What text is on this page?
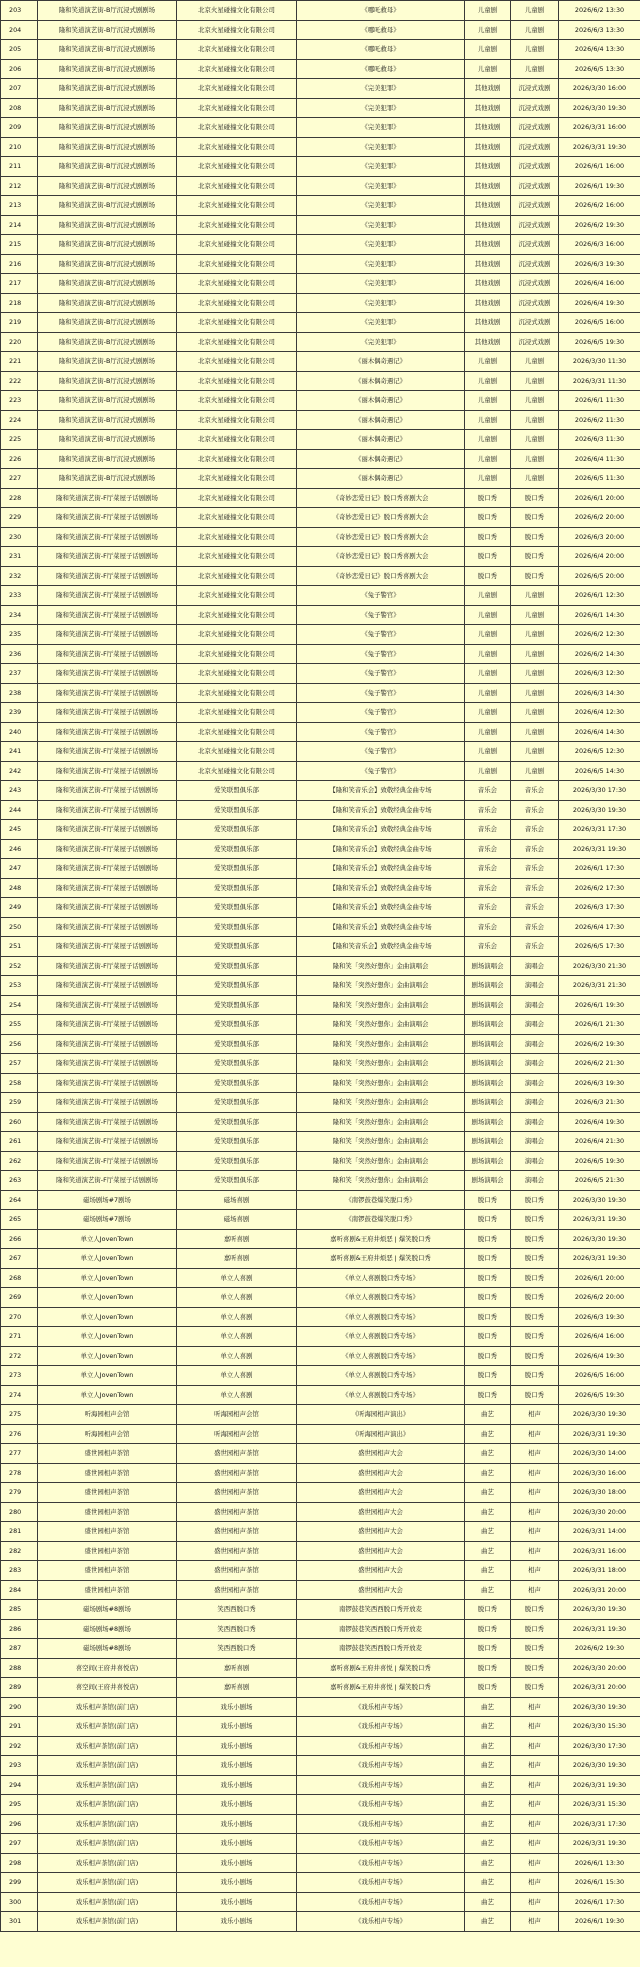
203	隆和笑道演艺街-B厅沉浸式剧剧场	北京火星碰撞文化有限公司	《哪吒救母》	儿童剧	儿童剧	2026/6/2 13:30
204	隆和笑道演艺街-B厅沉浸式剧剧场	北京火星碰撞文化有限公司	《哪吒救母》	儿童剧	儿童剧	2026/6/3 13:30
205	隆和笑道演艺街-B厅沉浸式剧剧场	北京火星碰撞文化有限公司	《哪吒救母》	儿童剧	儿童剧	2026/6/4 13:30
206	隆和笑道演艺街-B厅沉浸式剧剧场	北京火星碰撞文化有限公司	《哪吒救母》	儿童剧	儿童剧	2026/6/5 13:30
207	隆和笑道演艺街-B厅沉浸式剧剧场	北京火星碰撞文化有限公司	《完美犯罪》	其他戏剧	沉浸式戏剧	2026/3/30 16:00
208	隆和笑道演艺街-B厅沉浸式剧剧场	北京火星碰撞文化有限公司	《完美犯罪》	其他戏剧	沉浸式戏剧	2026/3/30 19:30
209	隆和笑道演艺街-B厅沉浸式剧剧场	北京火星碰撞文化有限公司	《完美犯罪》	其他戏剧	沉浸式戏剧	2026/3/31 16:00
210	隆和笑道演艺街-B厅沉浸式剧剧场	北京火星碰撞文化有限公司	《完美犯罪》	其他戏剧	沉浸式戏剧	2026/3/31 19:30
211	隆和笑道演艺街-B厅沉浸式剧剧场	北京火星碰撞文化有限公司	《完美犯罪》	其他戏剧	沉浸式戏剧	2026/6/1 16:00
212	隆和笑道演艺街-B厅沉浸式剧剧场	北京火星碰撞文化有限公司	《完美犯罪》	其他戏剧	沉浸式戏剧	2026/6/1 19:30
213	隆和笑道演艺街-B厅沉浸式剧剧场	北京火星碰撞文化有限公司	《完美犯罪》	其他戏剧	沉浸式戏剧	2026/6/2 16:00
214	隆和笑道演艺街-B厅沉浸式剧剧场	北京火星碰撞文化有限公司	《完美犯罪》	其他戏剧	沉浸式戏剧	2026/6/2 19:30
215	隆和笑道演艺街-B厅沉浸式剧剧场	北京火星碰撞文化有限公司	《完美犯罪》	其他戏剧	沉浸式戏剧	2026/6/3 16:00
216	隆和笑道演艺街-B厅沉浸式剧剧场	北京火星碰撞文化有限公司	《完美犯罪》	其他戏剧	沉浸式戏剧	2026/6/3 19:30
217	隆和笑道演艺街-B厅沉浸式剧剧场	北京火星碰撞文化有限公司	《完美犯罪》	其他戏剧	沉浸式戏剧	2026/6/4 16:00
218	隆和笑道演艺街-B厅沉浸式剧剧场	北京火星碰撞文化有限公司	《完美犯罪》	其他戏剧	沉浸式戏剧	2026/6/4 19:30
219	隆和笑道演艺街-B厅沉浸式剧剧场	北京火星碰撞文化有限公司	《完美犯罪》	其他戏剧	沉浸式戏剧	2026/6/5 16:00
220	隆和笑道演艺街-B厅沉浸式剧剧场	北京火星碰撞文化有限公司	《完美犯罪》	其他戏剧	沉浸式戏剧	2026/6/5 19:30
221	隆和笑道演艺街-B厅沉浸式剧剧场	北京火星碰撞文化有限公司	《丽木偶奇遇记》	儿童剧	儿童剧	2026/3/30 11:30
222	隆和笑道演艺街-B厅沉浸式剧剧场	北京火星碰撞文化有限公司	《丽木偶奇遇记》	儿童剧	儿童剧	2026/3/31 11:30
223	隆和笑道演艺街-B厅沉浸式剧剧场	北京火星碰撞文化有限公司	《丽木偶奇遇记》	儿童剧	儿童剧	2026/6/1 11:30
224	隆和笑道演艺街-B厅沉浸式剧剧场	北京火星碰撞文化有限公司	《丽木偶奇遇记》	儿童剧	儿童剧	2026/6/2 11:30
225	隆和笑道演艺街-B厅沉浸式剧剧场	北京火星碰撞文化有限公司	《丽木偶奇遇记》	儿童剧	儿童剧	2026/6/3 11:30
226	隆和笑道演艺街-B厅沉浸式剧剧场	北京火星碰撞文化有限公司	《丽木偶奇遇记》	儿童剧	儿童剧	2026/6/4 11:30
227	隆和笑道演艺街-B厅沉浸式剧剧场	北京火星碰撞文化有限公司	《丽木偶奇遇记》	儿童剧	儿童剧	2026/6/5 11:30
228	隆和笑道演艺街-F厅菜屋子话剧剧场	北京火星碰撞文化有限公司	《奇妙恋爱日记》脱口秀喜剧大会	脱口秀	脱口秀	2026/6/1 20:00
229	隆和笑道演艺街-F厅菜屋子话剧剧场	北京火星碰撞文化有限公司	《奇妙恋爱日记》脱口秀喜剧大会	脱口秀	脱口秀	2026/6/2 20:00
230	隆和笑道演艺街-F厅菜屋子话剧剧场	北京火星碰撞文化有限公司	《奇妙恋爱日记》脱口秀喜剧大会	脱口秀	脱口秀	2026/6/3 20:00
231	隆和笑道演艺街-F厅菜屋子话剧剧场	北京火星碰撞文化有限公司	《奇妙恋爱日记》脱口秀喜剧大会	脱口秀	脱口秀	2026/6/4 20:00
232	隆和笑道演艺街-F厅菜屋子话剧剧场	北京火星碰撞文化有限公司	《奇妙恋爱日记》脱口秀喜剧大会	脱口秀	脱口秀	2026/6/5 20:00
233	隆和笑道演艺街-F厅菜屋子话剧剧场	北京火星碰撞文化有限公司	《兔子警官》	儿童剧	儿童剧	2026/6/1 12:30
234	隆和笑道演艺街-F厅菜屋子话剧剧场	北京火星碰撞文化有限公司	《兔子警官》	儿童剧	儿童剧	2026/6/1 14:30
235	隆和笑道演艺街-F厅菜屋子话剧剧场	北京火星碰撞文化有限公司	《兔子警官》	儿童剧	儿童剧	2026/6/2 12:30
236	隆和笑道演艺街-F厅菜屋子话剧剧场	北京火星碰撞文化有限公司	《兔子警官》	儿童剧	儿童剧	2026/6/2 14:30
237	隆和笑道演艺街-F厅菜屋子话剧剧场	北京火星碰撞文化有限公司	《兔子警官》	儿童剧	儿童剧	2026/6/3 12:30
238	隆和笑道演艺街-F厅菜屋子话剧剧场	北京火星碰撞文化有限公司	《兔子警官》	儿童剧	儿童剧	2026/6/3 14:30
239	隆和笑道演艺街-F厅菜屋子话剧剧场	北京火星碰撞文化有限公司	《兔子警官》	儿童剧	儿童剧	2026/6/4 12:30
240	隆和笑道演艺街-F厅菜屋子话剧剧场	北京火星碰撞文化有限公司	《兔子警官》	儿童剧	儿童剧	2026/6/4 14:30
241	隆和笑道演艺街-F厅菜屋子话剧剧场	北京火星碰撞文化有限公司	《兔子警官》	儿童剧	儿童剧	2026/6/5 12:30
242	隆和笑道演艺街-F厅菜屋子话剧剧场	北京火星碰撞文化有限公司	《兔子警官》	儿童剧	儿童剧	2026/6/5 14:30
243	隆和笑道演艺街-F厅菜屋子话剧剧场	爱笑联盟俱乐部	【隆和笑音乐会】致敬经典金曲专场	音乐会	音乐会	2026/3/30 17:30
244	隆和笑道演艺街-F厅菜屋子话剧剧场	爱笑联盟俱乐部	【隆和笑音乐会】致敬经典金曲专场	音乐会	音乐会	2026/3/30 19:30
245	隆和笑道演艺街-F厅菜屋子话剧剧场	爱笑联盟俱乐部	【隆和笑音乐会】致敬经典金曲专场	音乐会	音乐会	2026/3/31 17:30
246	隆和笑道演艺街-F厅菜屋子话剧剧场	爱笑联盟俱乐部	【隆和笑音乐会】致敬经典金曲专场	音乐会	音乐会	2026/3/31 19:30
247	隆和笑道演艺街-F厅菜屋子话剧剧场	爱笑联盟俱乐部	【隆和笑音乐会】致敬经典金曲专场	音乐会	音乐会	2026/6/1 17:30
248	隆和笑道演艺街-F厅菜屋子话剧剧场	爱笑联盟俱乐部	【隆和笑音乐会】致敬经典金曲专场	音乐会	音乐会	2026/6/2 17:30
249	隆和笑道演艺街-F厅菜屋子话剧剧场	爱笑联盟俱乐部	【隆和笑音乐会】致敬经典金曲专场	音乐会	音乐会	2026/6/3 17:30
250	隆和笑道演艺街-F厅菜屋子话剧剧场	爱笑联盟俱乐部	【隆和笑音乐会】致敬经典金曲专场	音乐会	音乐会	2026/6/4 17:30
251	隆和笑道演艺街-F厅菜屋子话剧剧场	爱笑联盟俱乐部	【隆和笑音乐会】致敬经典金曲专场	音乐会	音乐会	2026/6/5 17:30
252	隆和笑道演艺街-F厅菜屋子话剧剧场	爱笑联盟俱乐部	隆和笑「突然好想你」金曲演唱会	剧场演唱会	演唱会	2026/3/30 21:30
253	隆和笑道演艺街-F厅菜屋子话剧剧场	爱笑联盟俱乐部	隆和笑「突然好想你」金曲演唱会	剧场演唱会	演唱会	2026/3/31 21:30
254	隆和笑道演艺街-F厅菜屋子话剧剧场	爱笑联盟俱乐部	隆和笑「突然好想你」金曲演唱会	剧场演唱会	演唱会	2026/6/1 19:30
255	隆和笑道演艺街-F厅菜屋子话剧剧场	爱笑联盟俱乐部	隆和笑「突然好想你」金曲演唱会	剧场演唱会	演唱会	2026/6/1 21:30
256	隆和笑道演艺街-F厅菜屋子话剧剧场	爱笑联盟俱乐部	隆和笑「突然好想你」金曲演唱会	剧场演唱会	演唱会	2026/6/2 19:30
257	隆和笑道演艺街-F厅菜屋子话剧剧场	爱笑联盟俱乐部	隆和笑「突然好想你」金曲演唱会	剧场演唱会	演唱会	2026/6/2 21:30
258	隆和笑道演艺街-F厅菜屋子话剧剧场	爱笑联盟俱乐部	隆和笑「突然好想你」金曲演唱会	剧场演唱会	演唱会	2026/6/3 19:30
259	隆和笑道演艺街-F厅菜屋子话剧剧场	爱笑联盟俱乐部	隆和笑「突然好想你」金曲演唱会	剧场演唱会	演唱会	2026/6/3 21:30
260	隆和笑道演艺街-F厅菜屋子话剧剧场	爱笑联盟俱乐部	隆和笑「突然好想你」金曲演唱会	剧场演唱会	演唱会	2026/6/4 19:30
261	隆和笑道演艺街-F厅菜屋子话剧剧场	爱笑联盟俱乐部	隆和笑「突然好想你」金曲演唱会	剧场演唱会	演唱会	2026/6/4 21:30
262	隆和笑道演艺街-F厅菜屋子话剧剧场	爱笑联盟俱乐部	隆和笑「突然好想你」金曲演唱会	剧场演唱会	演唱会	2026/6/5 19:30
263	隆和笑道演艺街-F厅菜屋子话剧剧场	爱笑联盟俱乐部	隆和笑「突然好想你」金曲演唱会	剧场演唱会	演唱会	2026/6/5 21:30
264	磁场剧场#7剧场	磁场喜剧	《南锣鼓巷爆笑脱口秀》	脱口秀	脱口秀	2026/3/30 19:30
265	磁场剧场#7剧场	磁场喜剧	《南锣鼓巷爆笑脱口秀》	脱口秀	脱口秀	2026/3/31 19:30
266	单立人JovenTown	嘉听喜剧	嘉听喜剧&王府井烦恶 | 爆笑脱口秀	脱口秀	脱口秀	2026/3/30 19:30
267	单立人JovenTown	嘉听喜剧	嘉听喜剧&王府井烦恶 | 爆笑脱口秀	脱口秀	脱口秀	2026/3/31 19:30
268	单立人JovenTown	单立人喜剧	《单立人喜剧脱口秀专场》	脱口秀	脱口秀	2026/6/1 20:00
269	单立人JovenTown	单立人喜剧	《单立人喜剧脱口秀专场》	脱口秀	脱口秀	2026/6/2 20:00
270	单立人JovenTown	单立人喜剧	《单立人喜剧脱口秀专场》	脱口秀	脱口秀	2026/6/3 19:30
271	单立人JovenTown	单立人喜剧	《单立人喜剧脱口秀专场》	脱口秀	脱口秀	2026/6/4 16:00
272	单立人JovenTown	单立人喜剧	《单立人喜剧脱口秀专场》	脱口秀	脱口秀	2026/6/4 19:30
273	单立人JovenTown	单立人喜剧	《单立人喜剧脱口秀专场》	脱口秀	脱口秀	2026/6/5 16:00
274	单立人JovenTown	单立人喜剧	《单立人喜剧脱口秀专场》	脱口秀	脱口秀	2026/6/5 19:30
275	听海园相声会馆	听海园相声会馆	《听海园相声演出》	曲艺	相声	2026/3/30 19:30
276	听海园相声会馆	听海园相声会馆	《听海园相声演出》	曲艺	相声	2026/3/31 19:30
277	盛世园相声茶馆	盛世园相声茶馆	盛世园相声大会	曲艺	相声	2026/3/30 14:00
278	盛世园相声茶馆	盛世园相声茶馆	盛世园相声大会	曲艺	相声	2026/3/30 16:00
279	盛世园相声茶馆	盛世园相声茶馆	盛世园相声大会	曲艺	相声	2026/3/30 18:00
280	盛世园相声茶馆	盛世园相声茶馆	盛世园相声大会	曲艺	相声	2026/3/30 20:00
281	盛世园相声茶馆	盛世园相声茶馆	盛世园相声大会	曲艺	相声	2026/3/31 14:00
282	盛世园相声茶馆	盛世园相声茶馆	盛世园相声大会	曲艺	相声	2026/3/31 16:00
283	盛世园相声茶馆	盛世园相声茶馆	盛世园相声大会	曲艺	相声	2026/3/31 18:00
284	盛世园相声茶馆	盛世园相声茶馆	盛世园相声大会	曲艺	相声	2026/3/31 20:00
285	磁场剧场#8剧场	笑西西脱口秀	南锣鼓巷笑西西脱口秀开放麦	脱口秀	脱口秀	2026/3/30 19:30
286	磁场剧场#8剧场	笑西西脱口秀	南锣鼓巷笑西西脱口秀开放麦	脱口秀	脱口秀	2026/3/31 19:30
287	磁场剧场#8剧场	笑西西脱口秀	南锣鼓巷笑西西脱口秀开放麦	脱口秀	脱口秀	2026/6/2 19:30
288	喜空间(王府井喜悦店)	嘉听喜剧	嘉听喜剧&王府井喜悦 | 爆笑脱口秀	脱口秀	脱口秀	2026/3/30 20:00
289	喜空间(王府井喜悦店)	嘉听喜剧	嘉听喜剧&王府井喜悦 | 爆笑脱口秀	脱口秀	脱口秀	2026/3/31 20:00
290	戏乐相声茶馆(前门店)	戏乐小剧场	《戏乐相声专场》	曲艺	相声	2026/3/30 19:30
291	戏乐相声茶馆(前门店)	戏乐小剧场	《戏乐相声专场》	曲艺	相声	2026/3/30 15:30
292	戏乐相声茶馆(前门店)	戏乐小剧场	《戏乐相声专场》	曲艺	相声	2026/3/30 17:30
293	戏乐相声茶馆(前门店)	戏乐小剧场	《戏乐相声专场》	曲艺	相声	2026/3/30 19:30
294	戏乐相声茶馆(前门店)	戏乐小剧场	《戏乐相声专场》	曲艺	相声	2026/3/31 19:30
295	戏乐相声茶馆(前门店)	戏乐小剧场	《戏乐相声专场》	曲艺	相声	2026/3/31 15:30
296	戏乐相声茶馆(前门店)	戏乐小剧场	《戏乐相声专场》	曲艺	相声	2026/3/31 17:30
297	戏乐相声茶馆(前门店)	戏乐小剧场	《戏乐相声专场》	曲艺	相声	2026/3/31 19:30
298	戏乐相声茶馆(前门店)	戏乐小剧场	《戏乐相声专场》	曲艺	相声	2026/6/1 13:30
299	戏乐相声茶馆(前门店)	戏乐小剧场	《戏乐相声专场》	曲艺	相声	2026/6/1 15:30
300	戏乐相声茶馆(前门店)	戏乐小剧场	《戏乐相声专场》	曲艺	相声	2026/6/1 17:30
301	戏乐相声茶馆(前门店)	戏乐小剧场	《戏乐相声专场》	曲艺	相声	2026/6/1 19:30
